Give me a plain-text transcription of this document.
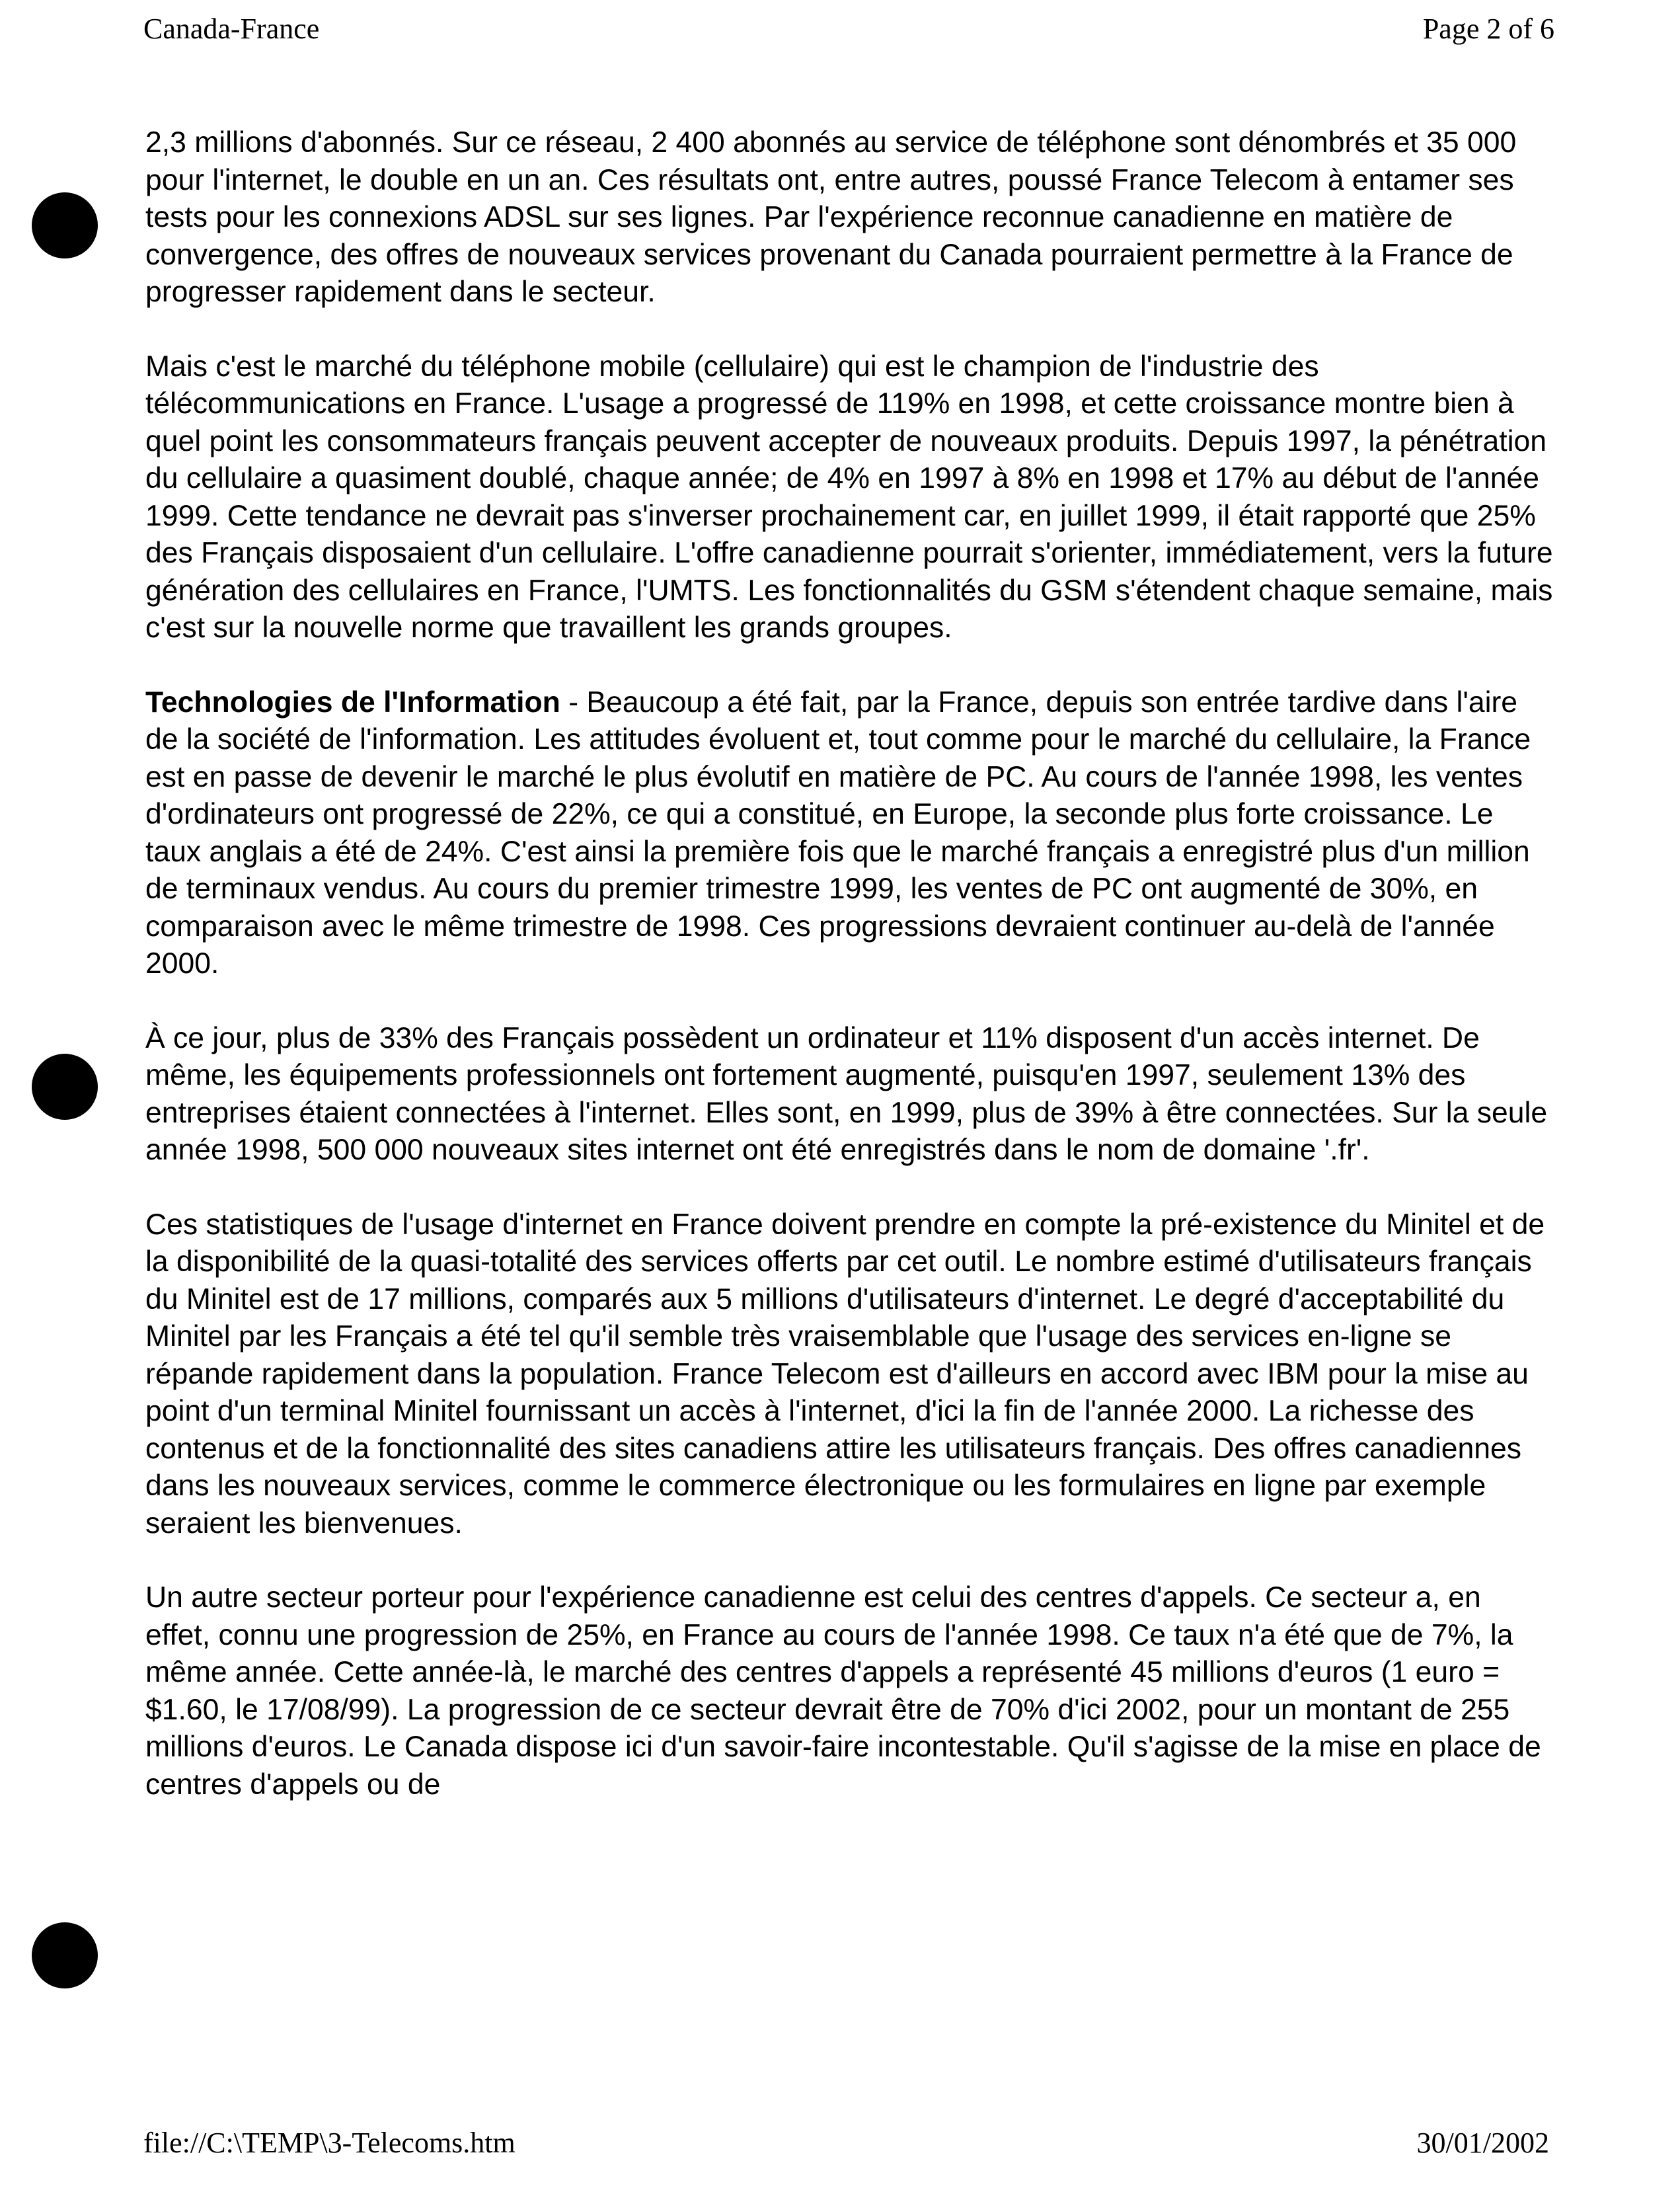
Canada-France	Page 2 of 6

2,3 millions d'abonnés. Sur ce réseau, 2 400 abonnés au service de téléphone sont dénombrés et 35 000 pour l'internet, le double en un an. Ces résultats ont, entre autres, poussé France Telecom à entamer ses tests pour les connexions ADSL sur ses lignes. Par l'expérience reconnue canadienne en matière de convergence, des offres de nouveaux services provenant du Canada pourraient permettre à la France de progresser rapidement dans le secteur.

Mais c'est le marché du téléphone mobile (cellulaire) qui est le champion de l'industrie des télécommunications en France. L'usage a progressé de 119% en 1998, et cette croissance montre bien à quel point les consommateurs français peuvent accepter de nouveaux produits. Depuis 1997, la pénétration du cellulaire a quasiment doublé, chaque année; de 4% en 1997 à 8% en 1998 et 17% au début de l'année 1999. Cette tendance ne devrait pas s'inverser prochainement car, en juillet 1999, il était rapporté que 25% des Français disposaient d'un cellulaire. L'offre canadienne pourrait s'orienter, immédiatement, vers la future génération des cellulaires en France, l'UMTS. Les fonctionnalités du GSM s'étendent chaque semaine, mais c'est sur la nouvelle norme que travaillent les grands groupes.

Technologies de l'Information - Beaucoup a été fait, par la France, depuis son entrée tardive dans l'aire de la société de l'information. Les attitudes évoluent et, tout comme pour le marché du cellulaire, la France est en passe de devenir le marché le plus évolutif en matière de PC. Au cours de l'année 1998, les ventes d'ordinateurs ont progressé de 22%, ce qui a constitué, en Europe, la seconde plus forte croissance. Le taux anglais a été de 24%. C'est ainsi la première fois que le marché français a enregistré plus d'un million de terminaux vendus. Au cours du premier trimestre 1999, les ventes de PC ont augmenté de 30%, en comparaison avec le même trimestre de 1998. Ces progressions devraient continuer au-delà de l'année 2000.

À ce jour, plus de 33% des Français possèdent un ordinateur et 11% disposent d'un accès internet. De même, les équipements professionnels ont fortement augmenté, puisqu'en 1997, seulement 13% des entreprises étaient connectées à l'internet. Elles sont, en 1999, plus de 39% à être connectées. Sur la seule année 1998, 500 000 nouveaux sites internet ont été enregistrés dans le nom de domaine '.fr'.

Ces statistiques de l'usage d'internet en France doivent prendre en compte la pré-existence du Minitel et de la disponibilité de la quasi-totalité des services offerts par cet outil. Le nombre estimé d'utilisateurs français du Minitel est de 17 millions, comparés aux 5 millions d'utilisateurs d'internet. Le degré d'acceptabilité du Minitel par les Français a été tel qu'il semble très vraisemblable que l'usage des services en-ligne se répande rapidement dans la population. France Telecom est d'ailleurs en accord avec IBM pour la mise au point d'un terminal Minitel fournissant un accès à l'internet, d'ici la fin de l'année 2000. La richesse des contenus et de la fonctionnalité des sites canadiens attire les utilisateurs français. Des offres canadiennes dans les nouveaux services, comme le commerce électronique ou les formulaires en ligne par exemple seraient les bienvenues.

Un autre secteur porteur pour l'expérience canadienne est celui des centres d'appels. Ce secteur a, en effet, connu une progression de 25%, en France au cours de l'année 1998. Ce taux n'a été que de 7%, la même année. Cette année-là, le marché des centres d'appels a représenté 45 millions d'euros (1 euro = $1.60, le 17/08/99). La progression de ce secteur devrait être de 70% d'ici 2002, pour un montant de 255 millions d'euros. Le Canada dispose ici d'un savoir-faire incontestable. Qu'il s'agisse de la mise en place de centres d'appels ou de

file://C:\TEMP\3-Telecoms.htm	30/01/2002
